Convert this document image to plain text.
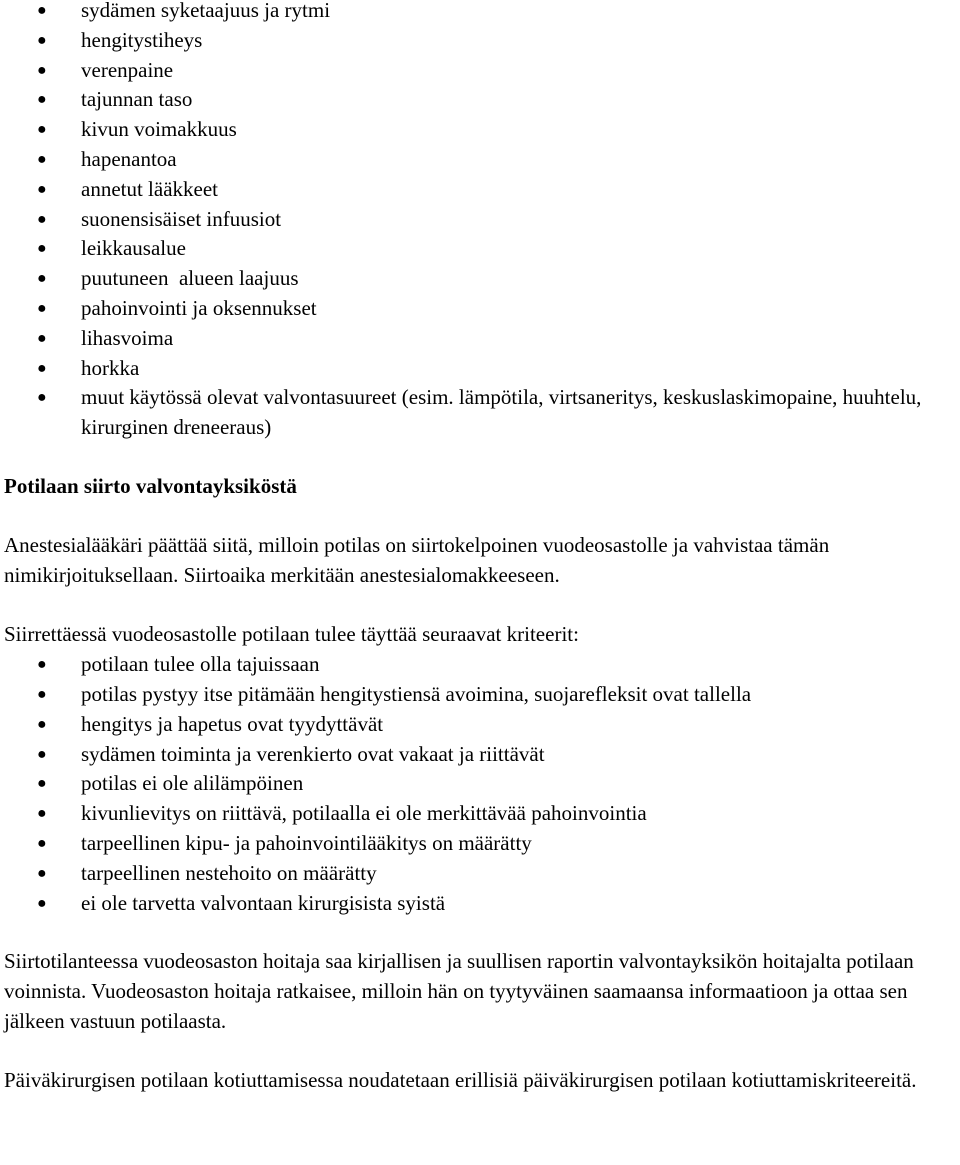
● sydämen syketaajuus ja rytmi
● hengitystiheys
● verenpaine
● tajunnan taso
● kivun voimakkuus
● hapenantoa
● annetut lääkkeet
● suonensisäiset infuusiot
● leikkausalue
● puutuneen  alueen laajuus
● pahoinvointi ja oksennukset
● lihasvoima
● horkka
● muut käytössä olevat valvontasuureet (esim. lämpötila, virtsaneritys, keskuslaskimopaine, huuhtelu, kirurginen dreneeraus)

Potilaan siirto valvontayksiköstä

Anestesialääkäri päättää siitä, milloin potilas on siirtokelpoinen vuodeosastolle ja vahvistaa tämän nimikirjoituksellaan. Siirtoaika merkitään anestesialomakkeeseen.

Siirrettäessä vuodeosastolle potilaan tulee täyttää seuraavat kriteerit:

● potilaan tulee olla tajuissaan
● potilas pystyy itse pitämään hengitystiensä avoimina, suojarefleksit ovat tallella
● hengitys ja hapetus ovat tyydyttävät
● sydämen toiminta ja verenkierto ovat vakaat ja riittävät
● potilas ei ole alilämpöinen
● kivunlievitys on riittävä, potilaalla ei ole merkittävää pahoinvointia
● tarpeellinen kipu- ja pahoinvointilääkitys on määrätty
● tarpeellinen nestehoito on määrätty
● ei ole tarvetta valvontaan kirurgisista syistä

Siirtotilanteessa vuodeosaston hoitaja saa kirjallisen ja suullisen raportin valvontayksikön hoitajalta potilaan voinnista. Vuodeosaston hoitaja ratkaisee, milloin hän on tyytyväinen saamaansa informaatioon ja ottaa sen jälkeen vastuun potilaasta.

Päiväkirurgisen potilaan kotiuttamisessa noudatetaan erillisiä päiväkirurgisen potilaan kotiuttamiskriteereitä.
